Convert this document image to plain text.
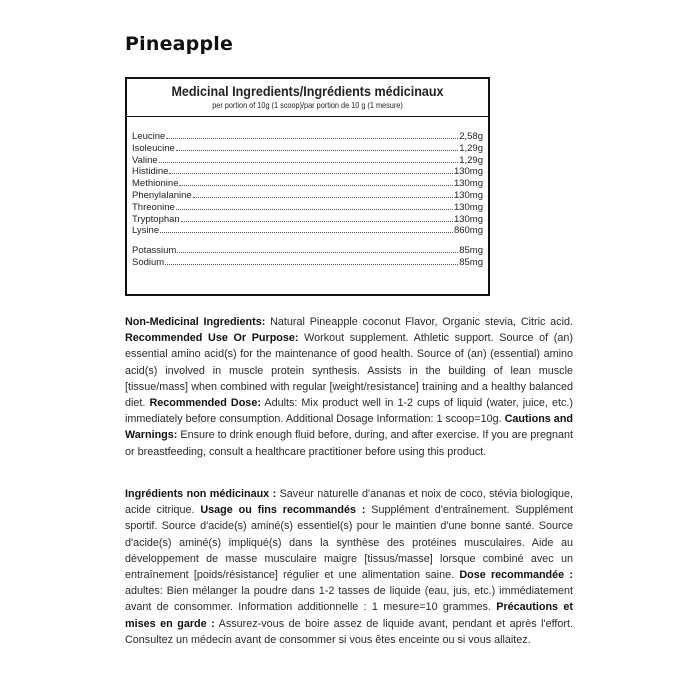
Pineapple
Medicinal Ingredients/Ingrédients médicinaux
per portion of 10g (1 scoop)/par portion de 10 g (1 mesure)
Leucine	2,58g
Isoleucine	1,29g
Valine	1,29g
Histidine	130mg
Methionine	130mg
Phenylalanine	130mg
Threonine	130mg
Tryptophan	130mg
Lysine	860mg
Potassium	85mg
Sodium	85mg
Non-Medicinal Ingredients: Natural Pineapple coconut Flavor, Organic stevia, Citric acid. Recommended Use Or Purpose: Workout supplement. Athletic support. Source of (an) essential amino acid(s) for the maintenance of good health. Source of (an) (essential) amino acid(s) involved in muscle protein synthesis. Assists in the building of lean muscle [tissue/mass] when combined with regular [weight/resistance] training and a healthy balanced diet. Recommended Dose: Adults: Mix product well in 1-2 cups of liquid (water, juice, etc.) immediately before consumption. Additional Dosage Information: 1 scoop=10g. Cautions and Warnings: Ensure to drink enough fluid before, during, and after exercise. If you are pregnant or breastfeeding, consult a healthcare practitioner before using this product.
Ingrédients non médicinaux : Saveur naturelle d'ananas et noix de coco, stévia biologique, acide citrique. Usage ou fins recommandés : Supplément d'entraînement. Supplément sportif. Source d'acide(s) aminé(s) essentiel(s) pour le maintien d'une bonne santé. Source d'acide(s) aminé(s) impliqué(s) dans la synthèse des protéines musculaires. Aide au développement de masse musculaire maigre [tissus/masse] lorsque combiné avec un entraînement [poids/résistance] régulier et une alimentation saine. Dose recommandée : adultes: Bien mélanger la poudre dans 1-2 tasses de liquide (eau, jus, etc.) immédiatement avant de consommer. Information additionnelle : 1 mesure=10 grammes. Précautions et mises en garde : Assurez-vous de boire assez de liquide avant, pendant et après l'effort. Consultez un médecin avant de consommer si vous êtes enceinte ou si vous allaitez.
